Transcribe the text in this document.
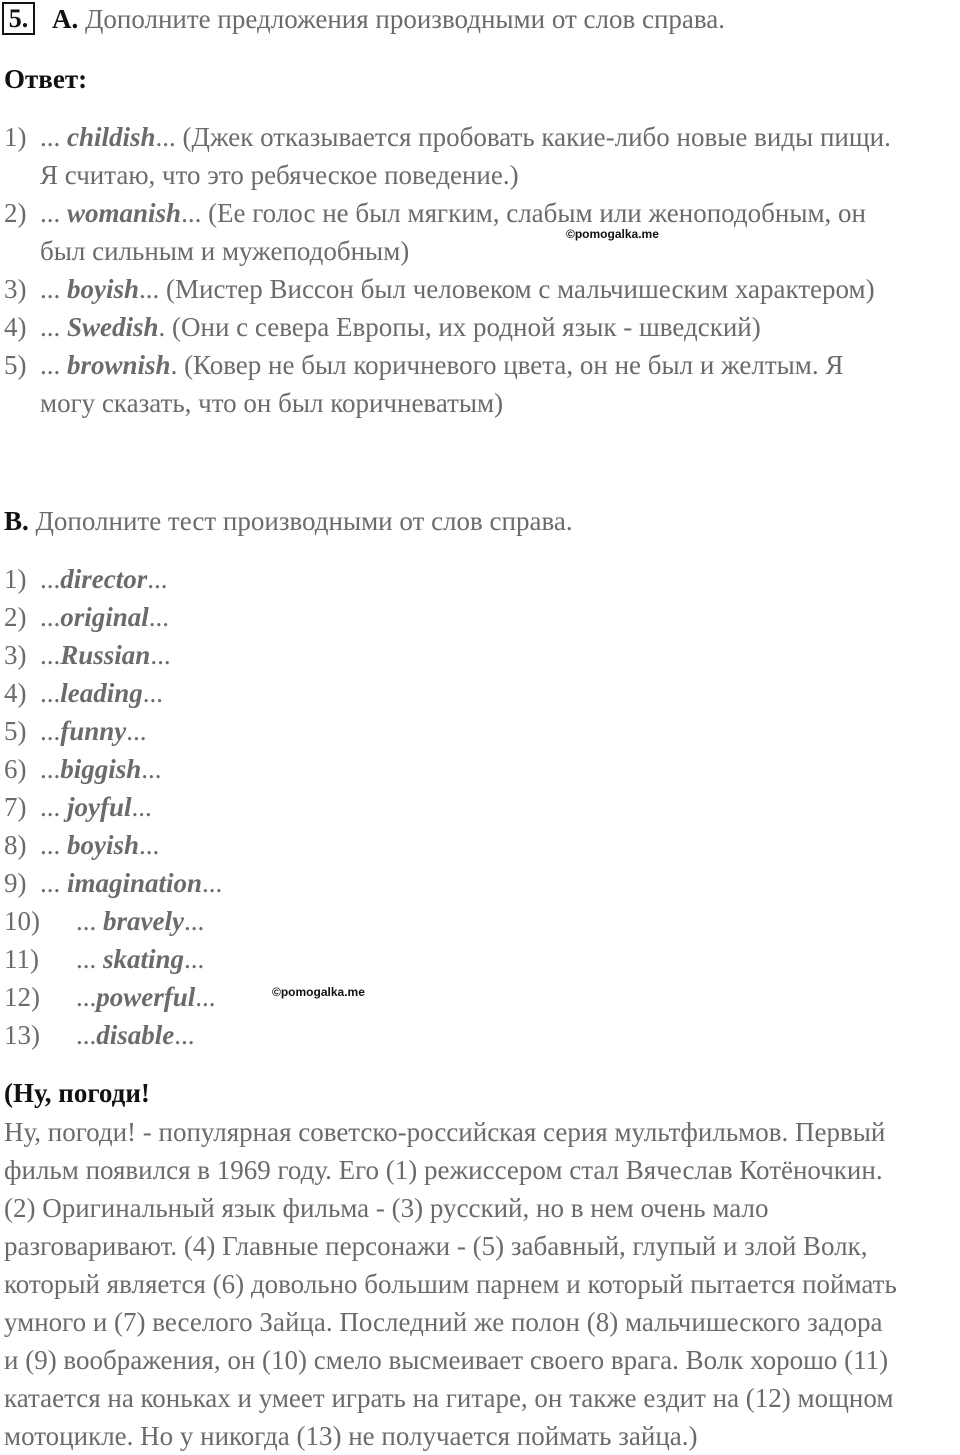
5. A. Дополните предложения производными от слов справа.
Ответ:
1) ... childish... (Джек отказывается пробовать какие-либо новые виды пищи.
Я считаю, что это ребяческое поведение.)
2) ... womanish... (Ее голос не был мягким, слабым или женоподобным, он
©pomogalka.me
был сильным и мужеподобным)
3) ... boyish... (Мистер Виссон был человеком с мальчишеским характером)
4) ... Swedish. (Они с севера Европы, их родной язык - шведский)
5) ... brownish. (Ковер не был коричневого цвета, он не был и желтым. Я
могу сказать, что он был коричневатым)
B. Дополните тест производными от слов справа.
1) ...director...
2) ...original...
3) ...Russian...
4) ...leading...
5) ...funny...
6) ...biggish...
7) ... joyful...
8) ... boyish...
9) ... imagination...
10) ... bravely...
11) ... skating...
12) ...powerful...
13) ...disable...
©pomogalka.me
(Ну, погоди!
Ну, погоди! - популярная советско-российская серия мультфильмов. Первый
фильм появился в 1969 году. Его (1) режиссером стал Вячеслав Котёночкин.
(2) Оригинальный язык фильма - (3) русский, но в нем очень мало
разговаривают. (4) Главные персонажи - (5) забавный, глупый и злой Волк,
который является (6) довольно большим парнем и который пытается поймать
умного и (7) веселого Зайца. Последний же полон (8) мальчишеского задора
и (9) воображения, он (10) смело высмеивает своего врага. Волк хорошо (11)
катается на коньках и умеет играть на гитаре, он также ездит на (12) мощном
мотоцикле. Но у никогда (13) не получается поймать зайца.)
